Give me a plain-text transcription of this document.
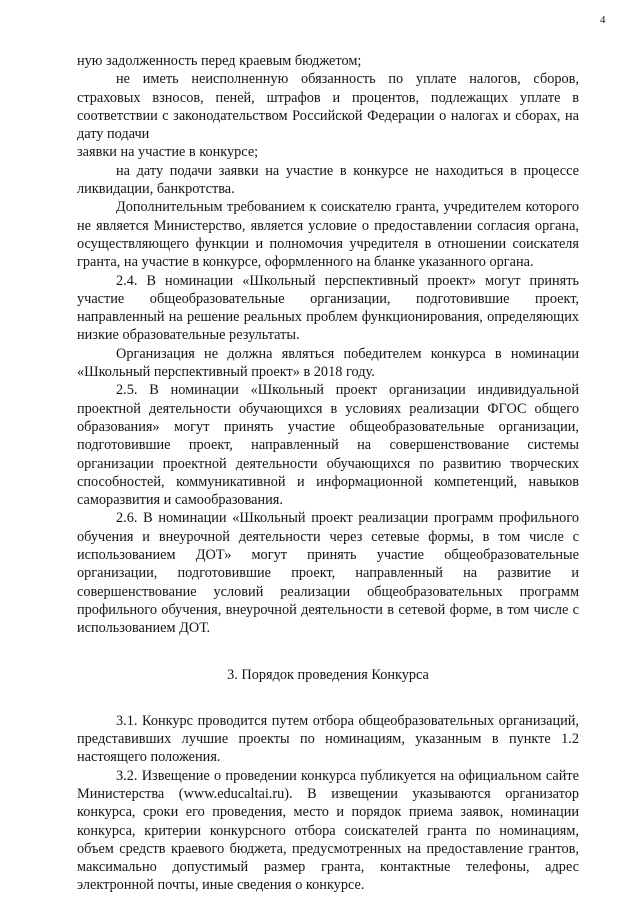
4

ную задолженность перед краевым бюджетом;

не иметь неисполненную обязанность по уплате налогов, сборов, страховых взносов, пеней, штрафов и процентов, подлежащих уплате в соответствии с законодательством Российской Федерации о налогах и сборах, на дату подачи

заявки на участие в конкурсе;

на дату подачи заявки на участие в конкурсе не находиться в процессе ликвидации, банкротства.

Дополнительным требованием к соискателю гранта, учредителем которого не является Министерство, является условие о предоставлении согласия органа, осуществляющего функции и полномочия учредителя в отношении соискателя гранта, на участие в конкурсе, оформленного на бланке указанного органа.

2.4. В номинации «Школьный перспективный проект» могут принять участие общеобразовательные организации, подготовившие проект, направленный на решение реальных проблем функционирования, определяющих низкие образовательные результаты.

Организация не должна являться победителем конкурса в номинации «Школьный перспективный проект» в 2018 году.

2.5. В номинации «Школьный проект организации индивидуальной проектной деятельности обучающихся в условиях реализации ФГОС общего образования» могут принять участие общеобразовательные организации, подготовившие проект, направленный на совершенствование системы организации проектной деятельности обучающихся по развитию творческих способностей, коммуникативной и информационной компетенций, навыков саморазвития и самообразования.

2.6. В номинации «Школьный проект реализации программ профильного обучения и внеурочной деятельности через сетевые формы, в том числе с использованием ДОТ» могут принять участие общеобразовательные организации, подготовившие проект, направленный на развитие и совершенствование условий реализации общеобразовательных программ профильного обучения, внеурочной деятельности в сетевой форме, в том числе с использованием ДОТ.

3. Порядок проведения Конкурса

3.1. Конкурс проводится путем отбора общеобразовательных организаций, представивших лучшие проекты по номинациям, указанным в пункте 1.2 настоящего положения.

3.2. Извещение о проведении конкурса публикуется на официальном сайте Министерства (www.educaltai.ru). В извещении указываются организатор конкурса, сроки его проведения, место и порядок приема заявок, номинации конкурса, критерии конкурсного отбора соискателей гранта по номинациям, объем средств краевого бюджета, предусмотренных на предоставление грантов, максимально допустимый размер гранта, контактные телефоны, адрес электронной почты, иные сведения о конкурсе.
